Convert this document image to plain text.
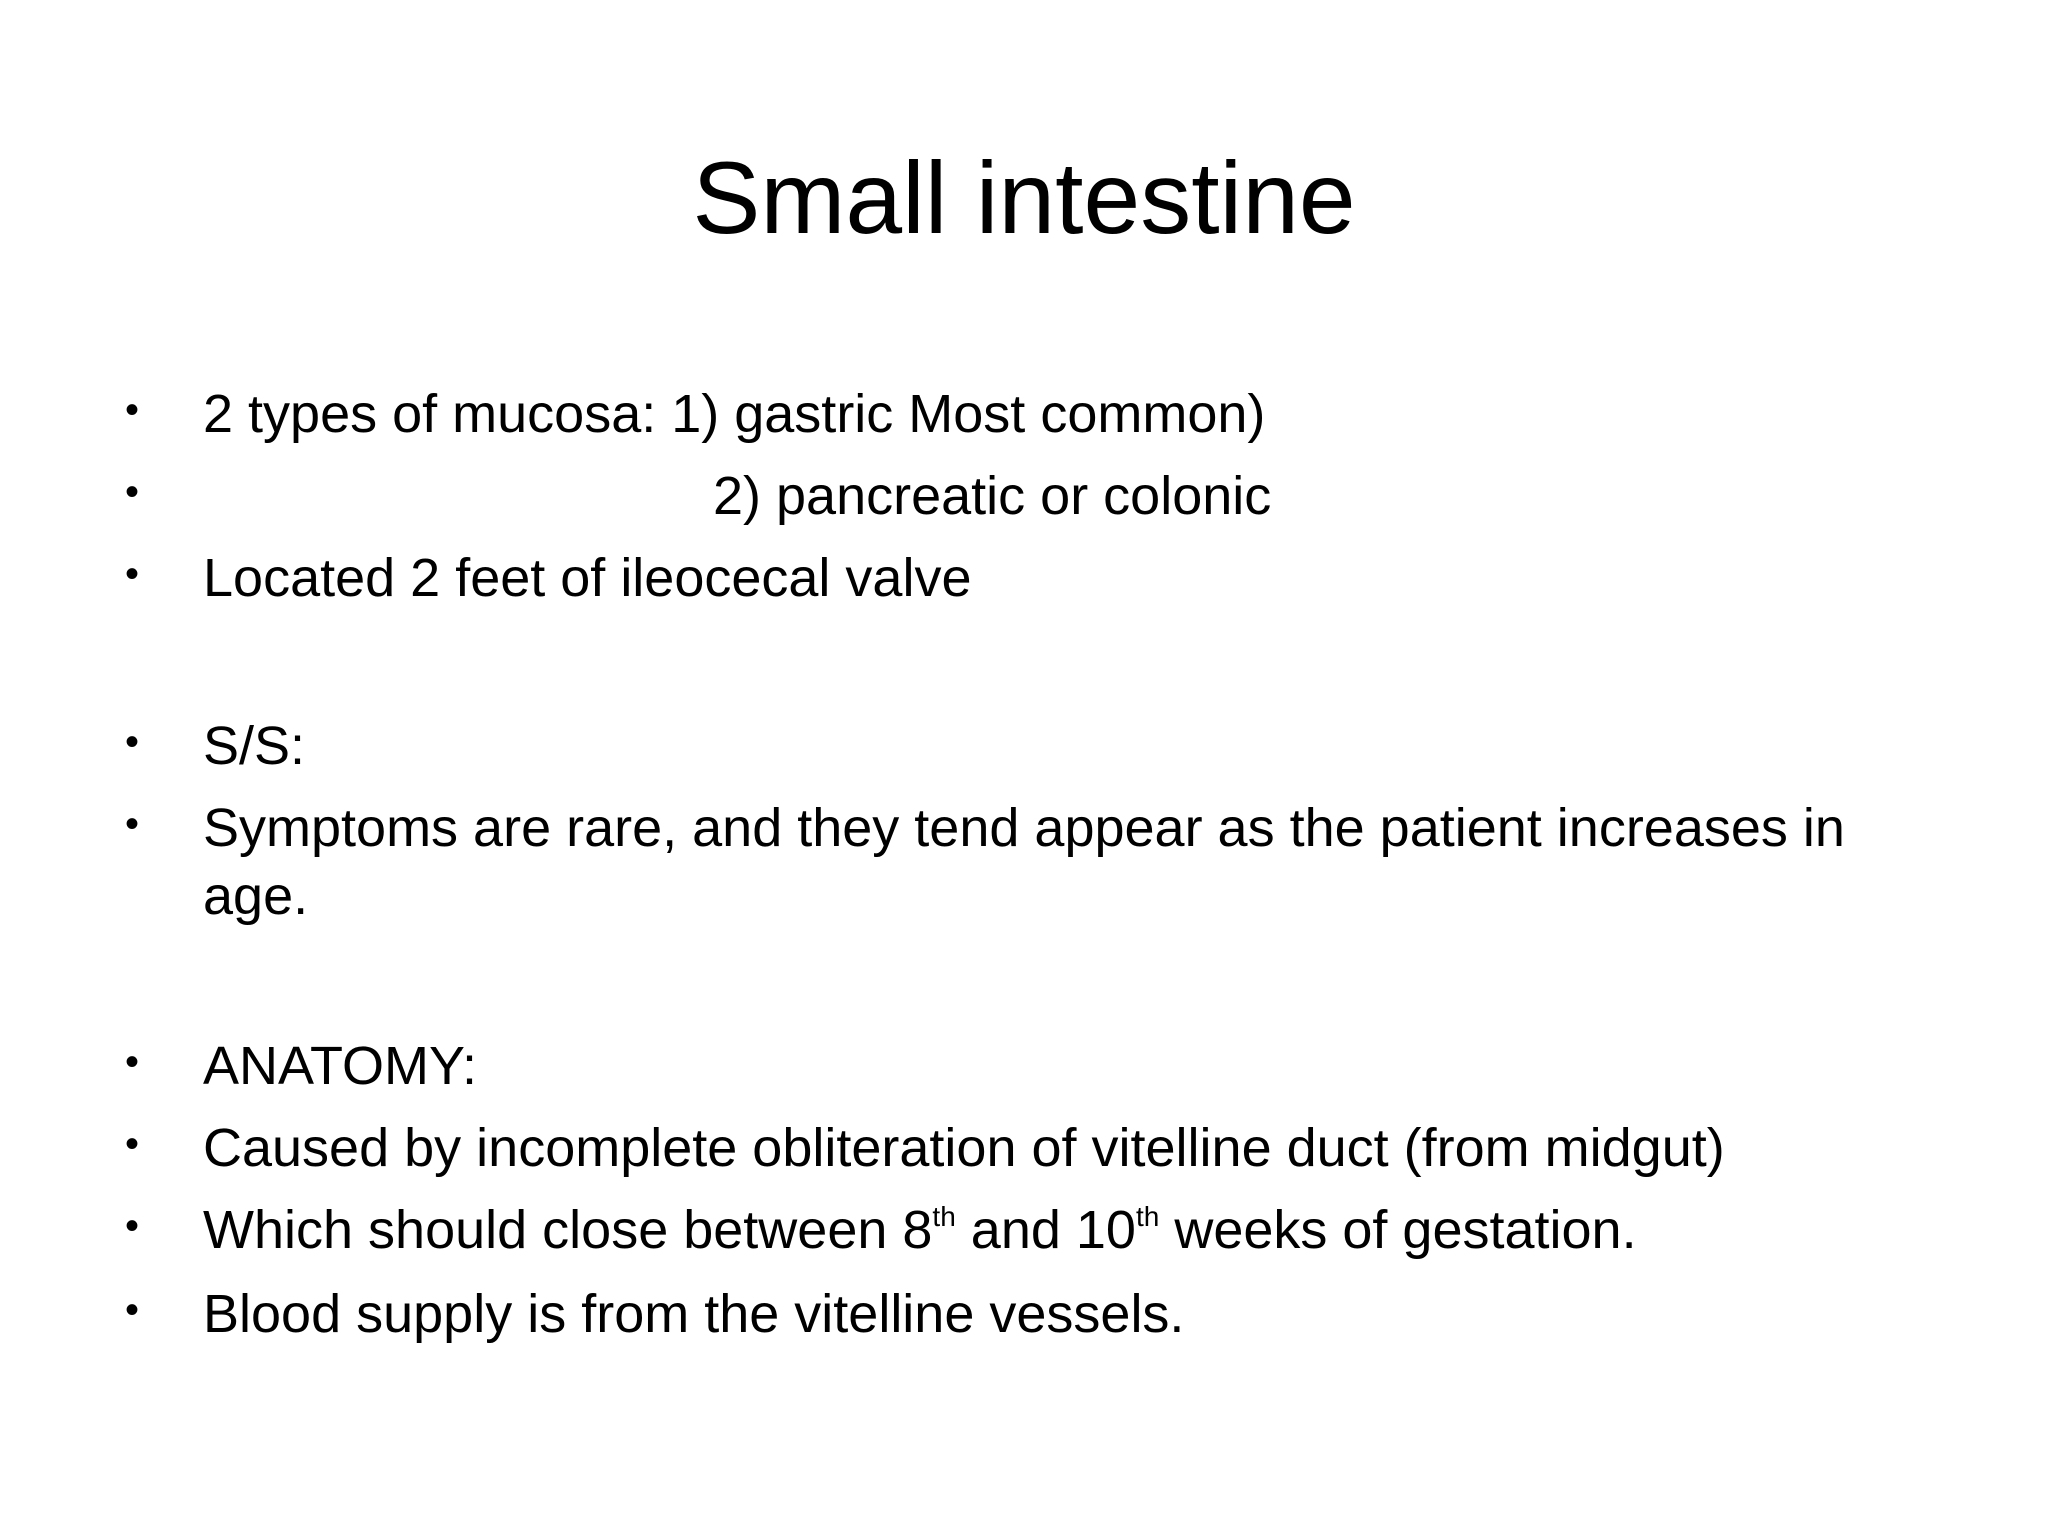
Small intestine
• 2 types of mucosa: 1) gastric Most common)
•	2) pancreatic or colonic
• Located 2 feet of ileocecal valve
• S/S:
• Symptoms are rare, and they tend appear as the patient increases in age.
• ANATOMY:
• Caused by incomplete obliteration of vitelline duct (from midgut)
• Which should close between 8th and 10th weeks of gestation.
• Blood supply is from the vitelline vessels.
